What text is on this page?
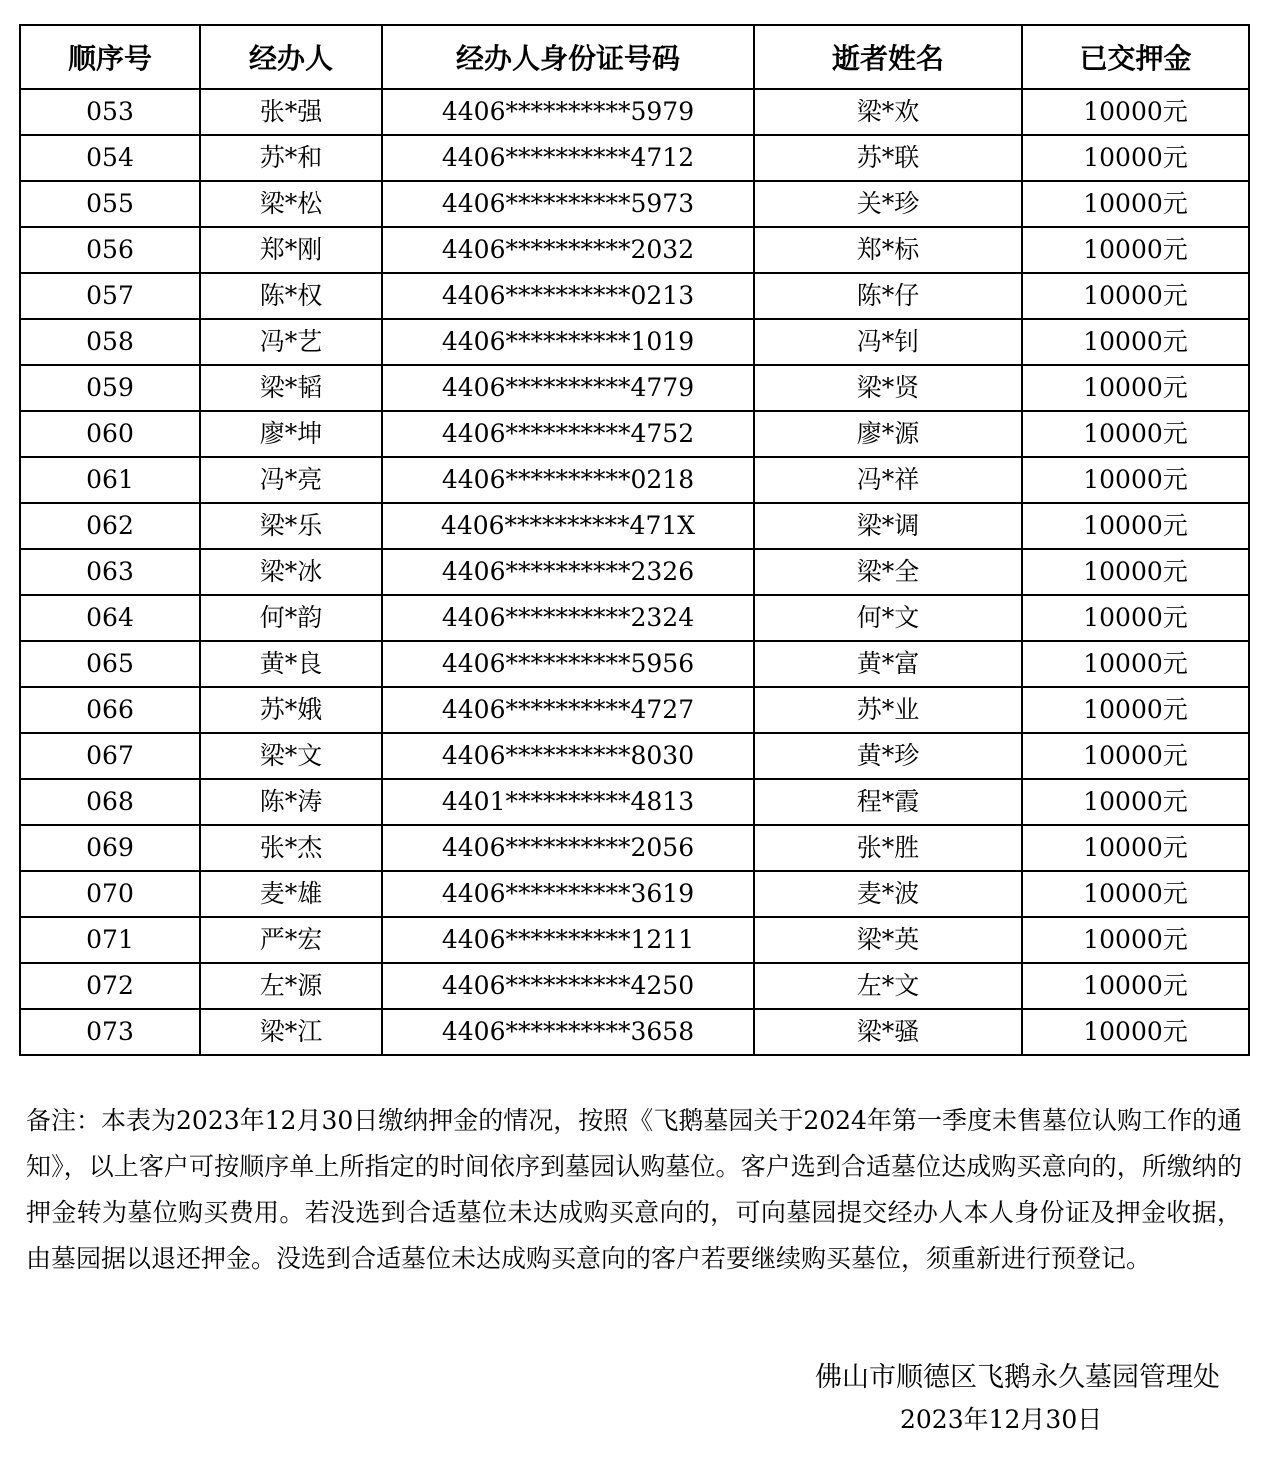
顺序号	经办人	经办人身份证号码	逝者姓名	已交押金
053	张*强	4406**********5979	梁*欢	10000元
054	苏*和	4406**********4712	苏*联	10000元
055	梁*松	4406**********5973	关*珍	10000元
056	郑*刚	4406**********2032	郑*标	10000元
057	陈*权	4406**********0213	陈*仔	10000元
058	冯*艺	4406**********1019	冯*钊	10000元
059	梁*韬	4406**********4779	梁*贤	10000元
060	廖*坤	4406**********4752	廖*源	10000元
061	冯*亮	4406**********0218	冯*祥	10000元
062	梁*乐	4406**********471X	梁*调	10000元
063	梁*冰	4406**********2326	梁*全	10000元
064	何*韵	4406**********2324	何*文	10000元
065	黄*良	4406**********5956	黄*富	10000元
066	苏*娥	4406**********4727	苏*业	10000元
067	梁*文	4406**********8030	黄*珍	10000元
068	陈*涛	4401**********4813	程*霞	10000元
069	张*杰	4406**********2056	张*胜	10000元
070	麦*雄	4406**********3619	麦*波	10000元
071	严*宏	4406**********1211	梁*英	10000元
072	左*源	4406**********4250	左*文	10000元
073	梁*江	4406**********3658	梁*骚	10000元
备注：本表为2023年12月30日缴纳押金的情况，按照《飞鹅墓园关于2024年第一季度未售墓位认购工作的通知》，以上客户可按顺序单上所指定的时间依序到墓园认购墓位。客户选到合适墓位达成购买意向的，所缴纳的押金转为墓位购买费用。若没选到合适墓位未达成购买意向的，可向墓园提交经办人本人身份证及押金收据，由墓园据以退还押金。没选到合适墓位未达成购买意向的客户若要继续购买墓位，须重新进行预登记。
佛山市顺德区飞鹅永久墓园管理处
2023年12月30日
